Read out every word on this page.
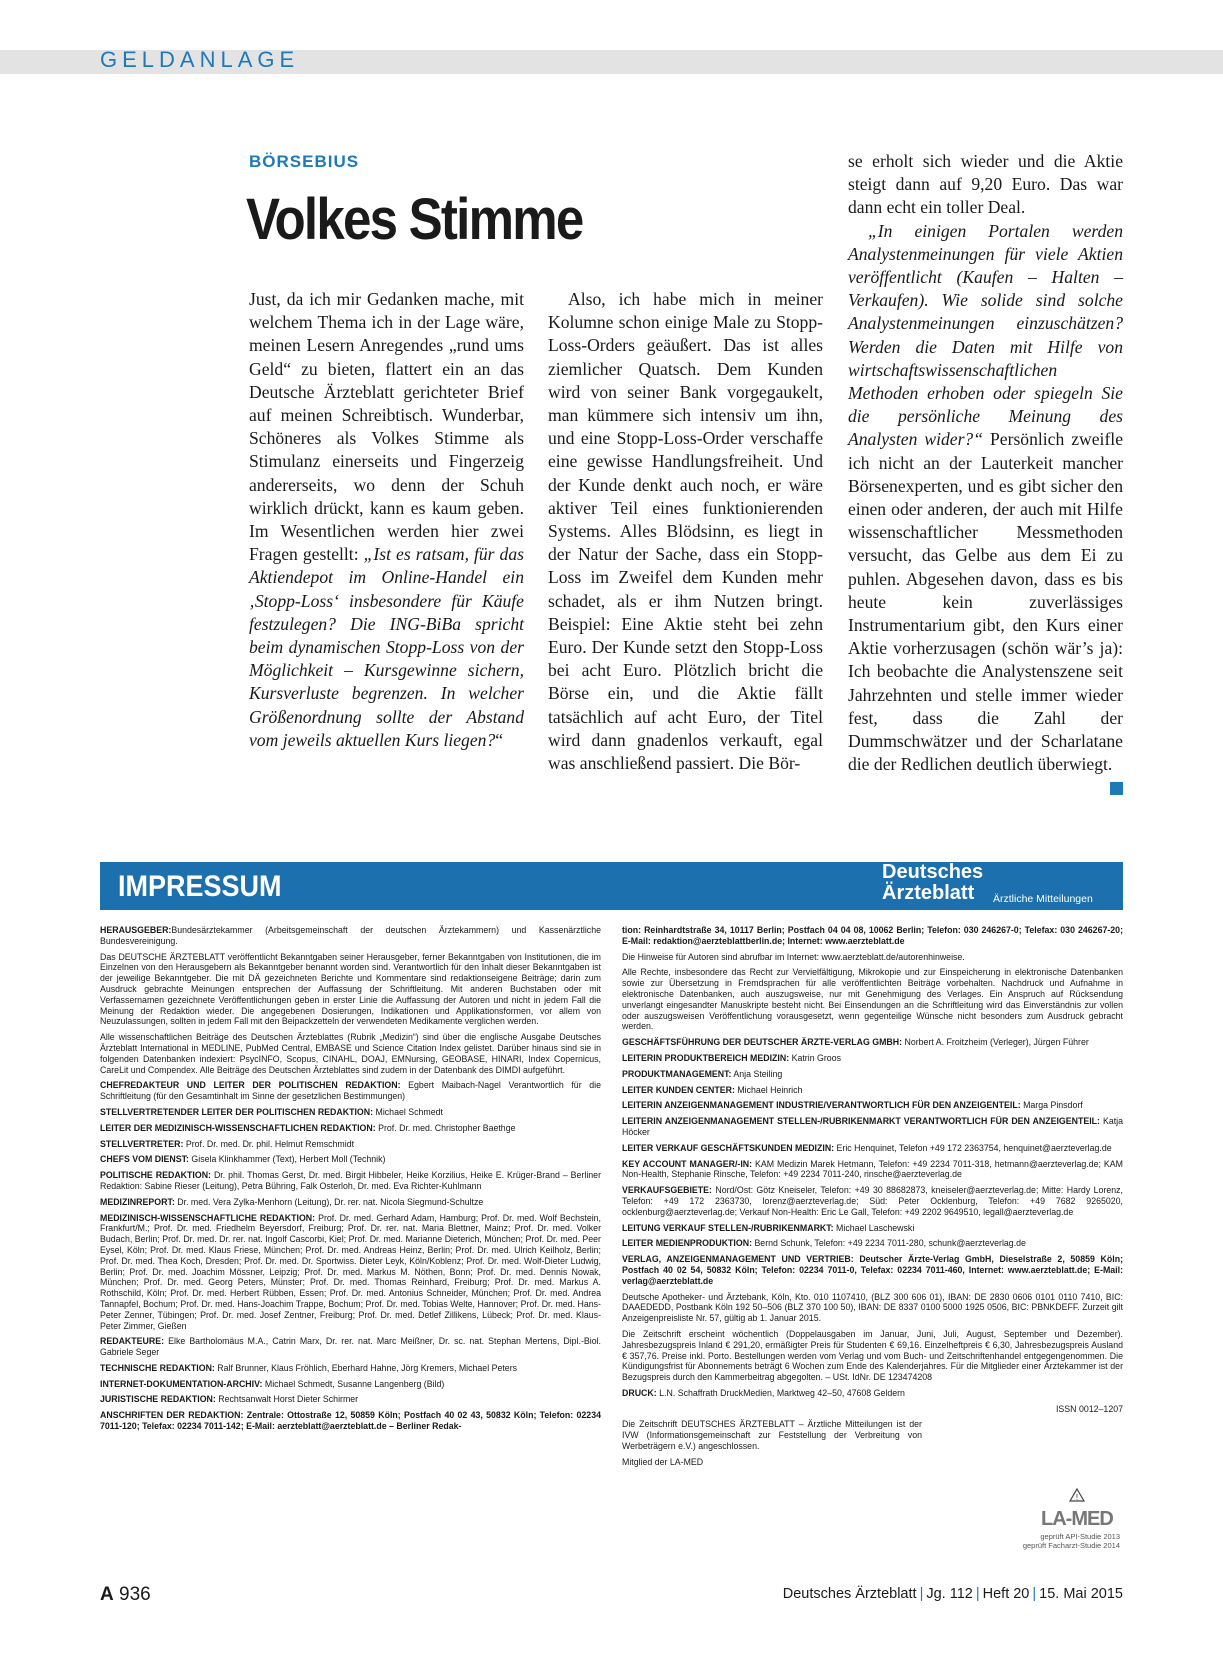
GELDANLAGE
BÖRSEBIUS
Volkes Stimme

Just, da ich mir Gedanken mache, mit welchem Thema ich in der Lage wäre, meinen Lesern Anregendes „rund ums Geld“ zu bieten, flattert ein an das Deutsche Ärzteblatt gerichteter Brief auf meinen Schreibtisch. Wunderbar, Schöneres als Volkes Stimme als Stimulanz einerseits und Fingerzeig andererseits, wo denn der Schuh wirklich drückt, kann es kaum geben. Im Wesentlichen werden hier zwei Fragen gestellt: „Ist es ratsam, für das Aktiendepot im Online-Handel ein ‚Stopp-Loss‘ insbesondere für Käufe festzulegen? Die ING-BiBa spricht beim dynamischen Stopp-Loss von der Möglichkeit – Kursgewinne sichern, Kursverluste begrenzen. In welcher Größenordnung sollte der Abstand vom jeweils aktuellen Kurs liegen?“

Also, ich habe mich in meiner Kolumne schon einige Male zu Stopp-Loss-Orders geäußert. Das ist alles ziemlicher Quatsch. Dem Kunden wird von seiner Bank vorgegaukelt, man kümmere sich intensiv um ihn, und eine Stopp-Loss-Order verschaffe eine gewisse Handlungsfreiheit. Und der Kunde denkt auch noch, er wäre aktiver Teil eines funktionierenden Systems. Alles Blödsinn, es liegt in der Natur der Sache, dass ein Stopp-Loss im Zweifel dem Kunden mehr schadet, als er ihm Nutzen bringt. Beispiel: Eine Aktie steht bei zehn Euro. Der Kunde setzt den Stopp-Loss bei acht Euro. Plötzlich bricht die Börse ein, und die Aktie fällt tatsächlich auf acht Euro, der Titel wird dann gnadenlos verkauft, egal was anschließend passiert. Die Bör-

se erholt sich wieder und die Aktie steigt dann auf 9,20 Euro. Das war dann echt ein toller Deal.

„In einigen Portalen werden Analystenmeinungen für viele Aktien veröffentlicht (Kaufen – Halten – Verkaufen). Wie solide sind solche Analystenmeinungen einzuschätzen? Werden die Daten mit Hilfe von wirtschaftswissenschaftlichen Methoden erhoben oder spiegeln Sie die persönliche Meinung des Analysten wider?“ Persönlich zweifle ich nicht an der Lauterkeit mancher Börsenexperten, und es gibt sicher den einen oder anderen, der auch mit Hilfe wissenschaftlicher Messmethoden versucht, das Gelbe aus dem Ei zu puhlen. Abgesehen davon, dass es bis heute kein zuverlässiges Instrumentarium gibt, den Kurs einer Aktie vorherzusagen (schön wär’s ja): Ich beobachte die Analystenszene seit Jahrzehnten und stelle immer wieder fest, dass die Zahl der Dummschwätzer und der Scharlatane die der Redlichen deutlich überwiegt.

IMPRESSUM	Deutsches
Ärzteblatt Ärztliche Mitteilungen

HERAUSGEBER:Bundesärztekammer (Arbeitsgemeinschaft der deutschen Ärztekammern) und Kassenärztliche Bundesvereinigung.

Das DEUTSCHE ÄRZTEBLATT veröffentlicht Bekanntgaben seiner Herausgeber, ferner Bekanntgaben von Institutionen, die im Einzelnen von den Herausgebern als Bekanntgeber benannt worden sind. Verantwortlich für den Inhalt dieser Bekanntgaben ist der jeweilige Bekanntgeber. Die mit DÄ gezeichneten Berichte und Kommentare sind redaktionseigene Beiträge; darin zum Ausdruck gebrachte Meinungen entsprechen der Auffassung der Schriftleitung. Mit anderen Buchstaben oder mit Verfassernamen gezeichnete Veröffentlichungen geben in erster Linie die Auffassung der Autoren und nicht in jedem Fall die Meinung der Redaktion wieder. Die angegebenen Dosierungen, Indikationen und Applikationsformen, vor allem von Neuzulassungen, sollten in jedem Fall mit den Beipackzetteln der verwendeten Medikamente verglichen werden.

Alle wissenschaftlichen Beiträge des Deutschen Ärzteblattes (Rubrik „Medizin“) sind über die englische Ausgabe Deutsches Ärzteblatt International in MEDLINE, PubMed Central, EMBASE und Science Citation Index gelistet. Darüber hinaus sind sie in folgenden Datenbanken indexiert: PsycINFO, Scopus, CINAHL, DOAJ, EMNursing, GEOBASE, HINARI, Index Copernicus, CareLit und Compendex. Alle Beiträge des Deutschen Ärzteblattes sind zudem in der Datenbank des DIMDI aufgeführt.

CHEFREDAKTEUR UND LEITER DER POLITISCHEN REDAKTION: Egbert Maibach-Nagel Verantwortlich für die Schriftleitung (für den Gesamtinhalt im Sinne der gesetzlichen Bestimmungen)

STELLVERTRETENDER LEITER DER POLITISCHEN REDAKTION: Michael Schmedt

LEITER DER MEDIZINISCH-WISSENSCHAFTLICHEN REDAKTION: Prof. Dr. med. Christopher Baethge

STELLVERTRETER: Prof. Dr. med. Dr. phil. Helmut Remschmidt

CHEFS VOM DIENST: Gisela Klinkhammer (Text), Herbert Moll (Technik)

POLITISCHE REDAKTION: Dr. phil. Thomas Gerst, Dr. med. Birgit Hibbeler, Heike Korzilius, Heike E. Krüger-Brand – Berliner Redaktion: Sabine Rieser (Leitung), Petra Bühring, Falk Osterloh, Dr. med. Eva Richter-Kuhlmann

MEDIZINREPORT: Dr. med. Vera Zylka-Menhorn (Leitung), Dr. rer. nat. Nicola Siegmund-Schultze

MEDIZINISCH-WISSENSCHAFTLICHE REDAKTION: Prof. Dr. med. Gerhard Adam, Hamburg; Prof. Dr. med. Wolf Bechstein, Frankfurt/M.; Prof. Dr. med. Friedhelm Beyersdorf, Freiburg; Prof. Dr. rer. nat. Maria Blettner, Mainz; Prof. Dr. med. Volker Budach, Berlin; Prof. Dr. med. Dr. rer. nat. Ingolf Cascorbi, Kiel; Prof. Dr. med. Marianne Dieterich, München; Prof. Dr. med. Peer Eysel, Köln; Prof. Dr. med. Klaus Friese, München; Prof. Dr. med. Andreas Heinz, Berlin; Prof. Dr. med. Ulrich Keilholz, Berlin; Prof. Dr. med. Thea Koch, Dresden; Prof. Dr. med. Dr. Sportwiss. Dieter Leyk, Köln/Koblenz; Prof. Dr. med. Wolf-Dieter Ludwig, Berlin; Prof. Dr. med. Joachim Mössner, Leipzig; Prof. Dr. med. Markus M. Nöthen, Bonn; Prof. Dr. med. Dennis Nowak, München; Prof. Dr. med. Georg Peters, Münster; Prof. Dr. med. Thomas Reinhard, Freiburg; Prof. Dr. med. Markus A. Rothschild, Köln; Prof. Dr. med. Herbert Rübben, Essen; Prof. Dr. med. Antonius Schneider, München; Prof. Dr. med. Andrea Tannapfel, Bochum; Prof. Dr. med. Hans-Joachim Trappe, Bochum; Prof. Dr. med. Tobias Welte, Hannover; Prof. Dr. med. Hans-Peter Zenner, Tübingen; Prof. Dr. med. Josef Zentner, Freiburg; Prof. Dr. med. Detlef Zillikens, Lübeck; Prof. Dr. med. Klaus-Peter Zimmer, Gießen

REDAKTEURE: Elke Bartholomäus M.A., Catrin Marx, Dr. rer. nat. Marc Meißner, Dr. sc. nat. Stephan Mertens, Dipl.-Biol. Gabriele Seger

TECHNISCHE REDAKTION: Ralf Brunner, Klaus Fröhlich, Eberhard Hahne, Jörg Kremers, Michael Peters

INTERNET-DOKUMENTATION-ARCHIV: Michael Schmedt, Susanne Langenberg (Bild)

JURISTISCHE REDAKTION: Rechtsanwalt Horst Dieter Schirmer

ANSCHRIFTEN DER REDAKTION: Zentrale: Ottostraße 12, 50859 Köln; Postfach 40 02 43, 50832 Köln; Telefon: 02234 7011-120; Telefax: 02234 7011-142; E-Mail: aerzteblatt@aerzteblatt.de – Berliner Redak-

tion: Reinhardtstraße 34, 10117 Berlin; Postfach 04 04 08, 10062 Berlin; Telefon: 030 246267-0; Telefax: 030 246267-20; E-Mail: redaktion@aerzteblattberlin.de; Internet: www.aerzteblatt.de

Die Hinweise für Autoren sind abrufbar im Internet: www.aerzteblatt.de/autorenhinweise.

Alle Rechte, insbesondere das Recht zur Vervielfältigung, Mikrokopie und zur Einspeicherung in elektronische Datenbanken sowie zur Übersetzung in Fremdsprachen für alle veröffentlichten Beiträge vorbehalten. Nachdruck und Aufnahme in elektronische Datenbanken, auch auszugsweise, nur mit Genehmigung des Verlages. Ein Anspruch auf Rücksendung unverlangt eingesandter Manuskripte besteht nicht. Bei Einsendungen an die Schriftleitung wird das Einverständnis zur vollen oder auszugsweisen Veröffentlichung vorausgesetzt, wenn gegenteilige Wünsche nicht besonders zum Ausdruck gebracht werden.

GESCHÄFTSFÜHRUNG DER DEUTSCHER ÄRZTE-VERLAG GMBH: Norbert A. Froitzheim (Verleger), Jürgen Führer

LEITERIN PRODUKTBEREICH MEDIZIN: Katrin Groos

PRODUKTMANAGEMENT: Anja Steiling

LEITER KUNDEN CENTER: Michael Heinrich

LEITERIN ANZEIGENMANAGEMENT INDUSTRIE/VERANTWORTLICH FÜR DEN ANZEIGENTEIL: Marga Pinsdorf

LEITERIN ANZEIGENMANAGEMENT STELLEN-/RUBRIKENMARKT VERANTWORTLICH FÜR DEN ANZEIGENTEIL: Katja Höcker

LEITER VERKAUF GESCHÄFTSKUNDEN MEDIZIN: Eric Henquinet, Telefon +49 172 2363754, henquinet@aerzteverlag.de

KEY ACCOUNT MANAGER/-IN: KAM Medizin Marek Hetmann, Telefon: +49 2234 7011-318, hetmann@aerzteverlag.de; KAM Non-Health, Stephanie Rinsche, Telefon: +49 2234 7011-240, rinsche@aerzteverlag.de

VERKAUFSGEBIETE: Nord/Ost: Götz Kneiseler, Telefon: +49 30 88682873, kneiseler@aerzteverlag.de; Mitte: Hardy Lorenz, Telefon: +49 172 2363730, lorenz@aerzteverlag.de; Süd: Peter Ocklenburg, Telefon: +49 7682 9265020, ocklenburg@aerzteverlag.de; Verkauf Non-Health: Eric Le Gall, Telefon: +49 2202 9649510, legall@aerzteverlag.de

LEITUNG VERKAUF STELLEN-/RUBRIKENMARKT: Michael Laschewski

LEITER MEDIENPRODUKTION: Bernd Schunk, Telefon: +49 2234 7011-280, schunk@aerzteverlag.de

VERLAG, ANZEIGENMANAGEMENT UND VERTRIEB: Deutscher Ärzte-Verlag GmbH, Dieselstraße 2, 50859 Köln; Postfach 40 02 54, 50832 Köln; Telefon: 02234 7011-0, Telefax: 02234 7011-460, Internet: www.aerzteblatt.de; E-Mail: verlag@aerzteblatt.de

Deutsche Apotheker- und Ärztebank, Köln, Kto. 010 1107410, (BLZ 300 606 01), IBAN: DE 2830 0606 0101 0110 7410, BIC: DAAEDEDD, Postbank Köln 192 50–506 (BLZ 370 100 50), IBAN: DE 8337 0100 5000 1925 0506, BIC: PBNKDEFF. Zurzeit gilt Anzeigenpreisliste Nr. 57, gültig ab 1. Januar 2015.

Die Zeitschrift erscheint wöchentlich (Doppelausgaben im Januar, Juni, Juli, August, September und Dezember). Jahresbezugspreis Inland € 291,20, ermäßigter Preis für Studenten € 69,16. Einzelheftpreis € 6,30, Jahresbezugspreis Ausland € 357,76. Preise inkl. Porto. Bestellungen werden vom Verlag und vom Buch- und Zeitschriftenhandel entgegengenommen. Die Kündigungsfrist für Abonnements beträgt 6 Wochen zum Ende des Kalenderjahres. Für die Mitglieder einer Ärztekammer ist der Bezugspreis durch den Kammerbeitrag abgegolten. – USt. IdNr. DE 123474208

DRUCK: L.N. Schaffrath DruckMedien, Marktweg 42–50, 47608 Geldern

ISSN 0012–1207

Die Zeitschrift DEUTSCHES ÄRZTEBLATT – Ärztliche Mitteilungen ist der IVW (Informationsgemeinschaft zur Feststellung der Verbreitung von Werbeträgern e.V.) angeschlossen.

Mitglied der LA-MED

!
LA-MED
geprüft API-Studie 2013
geprüft Facharzt-Studie 2014
A 936	Deutsches Ärzteblatt | Jg. 112 | Heft 20 | 15. Mai 2015
